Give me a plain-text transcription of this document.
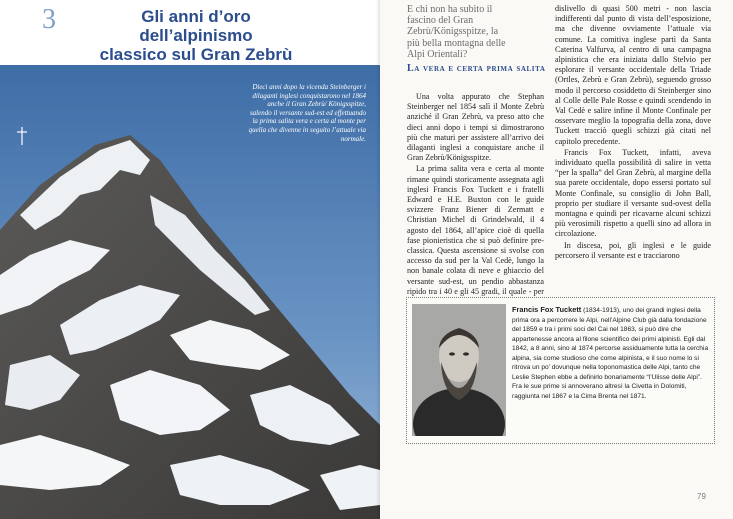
3	Gli anni d’oro dell’alpinismo
classico sul Gran Zebrù
Dieci anni dopo la vicenda Steinberger i dilaganti inglesi conquistarono nel 1864 anche il Gran Zebrù/ Königsspitze, salendo il versante sud-est ed effettuando la prima salita vera e certa al monte per quella che divenne in seguito l’attuale via normale.
E chi non ha subito il fascino del Gran Zebrù/Königsspitze, la più bella montagna delle Alpi Orientali?
La vera e certa prima salita

Una volta appurato che Stephan Steinberger nel 1854 salì il Monte Zebrù anziché il Gran Zebrù, va preso atto che dieci anni dopo i tempi si dimostrarono più che maturi per assistere all’arrivo dei dilaganti inglesi a conquistare anche il Gran Zebrù/Königsspitze.

La prima salita vera e certa al monte rimane quindi storicamente assegnata agli inglesi Francis Fox Tuckett e i fratelli Edward e H.E. Buxton con le guide svizzere Franz Biener di Zermatt e Christian Michel di Grindelwald, il 4 agosto del 1864, all’apice cioè di quella fase pionieristica che si può definire pre-classica. Questa ascensione si svolse con accesso da sud per la Val Cedè, lungo la non banale colata di neve e ghiaccio del versante sud-est, un pendio abbastanza ripido tra i 40 e gli 45 gradi, il quale - per

dislivello di quasi 500 metri - non lascia indifferenti dal punto di vista dell’esposizione, ma che divenne ovviamente l’attuale via comune. La comitiva inglese partì da Santa Caterina Valfurva, al centro di una campagna alpinistica che era iniziata dallo Stelvio per esplorare il versante occidentale della Triade (Ortles, Zebrù e Gran Zebrù), seguendo grosso modo il percorso cosiddetto di Steinberger sino al Colle delle Pale Rosse e quindi scendendo in Val Cedè e salire infine il Monte Confinale per osservare meglio la topografia della zona, dove Tuckett tracciò quegli schizzi già citati nel capitolo precedente.

Francis Fox Tuckett, infatti, aveva individuato quella possibilità di salire in vetta “per la spalla” del Gran Zebrù, al margine della sua parete occidentale, dopo essersi portato sul Monte Confinale, su consiglio di John Ball, proprio per studiare il versante sud-ovest della montagna e quindi per ricavarne alcuni schizzi più verosimili rispetto a quelli sino ad allora in circolazione.

In discesa, poi, gli inglesi e le guide percorsero il versante est e tracciarono

Francis Fox Tuckett (1834-1913), uno dei grandi inglesi della prima ora a percorrere le Alpi, nell’Alpine Club già dalla fondazione del 1859 e tra i primi soci del Cai nel 1863, si può dire che appartenesse ancora al filone scientifico dei primi alpinisti. Egli dal 1842, a 8 anni, sino al 1874 percorse assiduamente tutta la cerchia alpina, sia come studioso che come alpinista, e il suo nome lo si ritrova un po’ dovunque nella toponomastica delle Alpi, tanto che Leslie Stephen ebbe a definirlo bonariamente “l’Ulisse delle Alpi”. Fra le sue prime si annoverano altresì la Civetta in Dolomiti, raggiunta nel 1867 e la Cima Brenta nel 1871.
79
